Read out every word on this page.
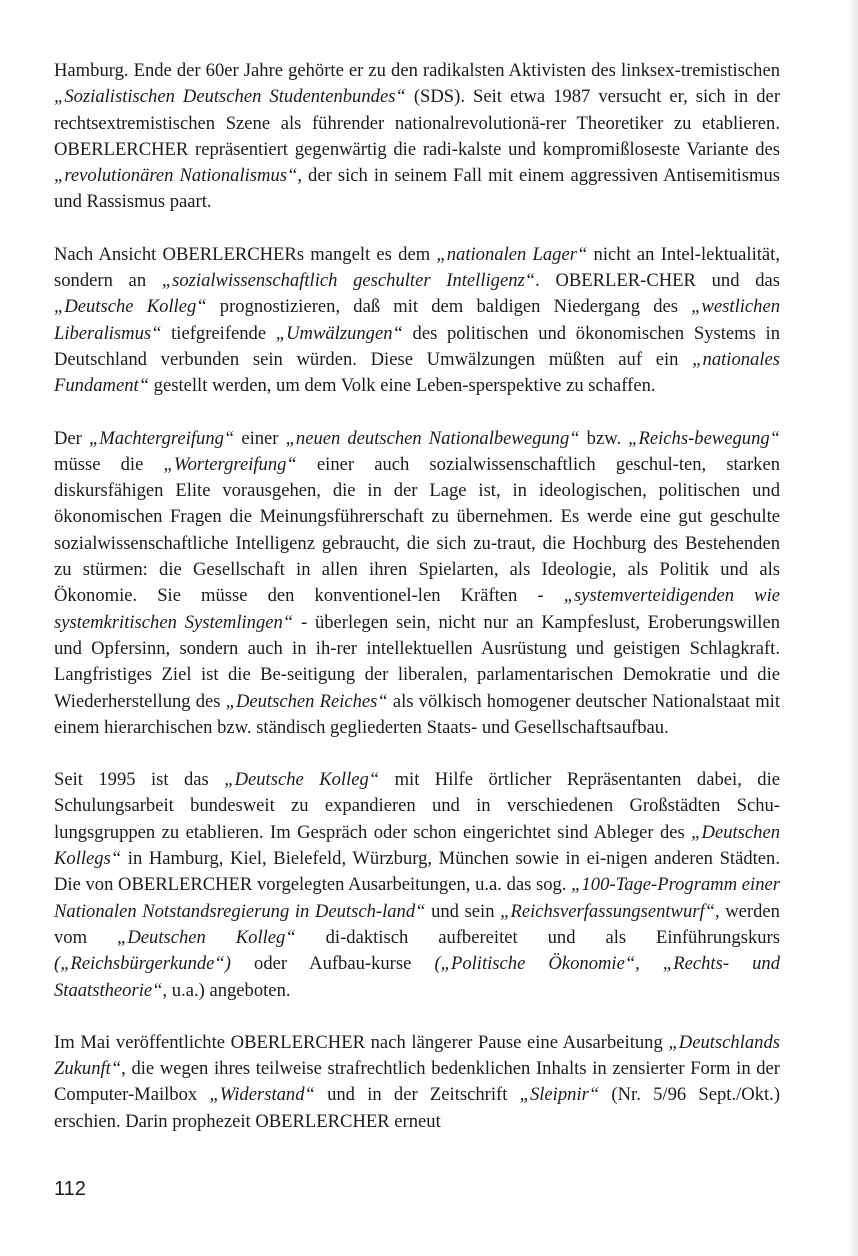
Hamburg. Ende der 60er Jahre gehörte er zu den radikalsten Aktivisten des linksex-tremistischen „Sozialistischen Deutschen Studentenbundes“ (SDS). Seit etwa 1987 versucht er, sich in der rechtsextremistischen Szene als führender nationalrevolutionä-rer Theoretiker zu etablieren. OBERLERCHER repräsentiert gegenwärtig die radi-kalste und kompromißloseste Variante des „revolutionären Nationalismus“, der sich in seinem Fall mit einem aggressiven Antisemitismus und Rassismus paart.

Nach Ansicht OBERLERCHERs mangelt es dem „nationalen Lager“ nicht an Intel-lektualität, sondern an „sozialwissenschaftlich geschulter Intelligenz“. OBERLER-CHER und das „Deutsche Kolleg“ prognostizieren, daß mit dem baldigen Niedergang des „westlichen Liberalismus“ tiefgreifende „Umwälzungen“ des politischen und ökonomischen Systems in Deutschland verbunden sein würden. Diese Umwälzungen müßten auf ein „nationales Fundament“ gestellt werden, um dem Volk eine Leben-sperspektive zu schaffen.

Der „Machtergreifung“ einer „neuen deutschen Nationalbewegung“ bzw. „Reichs-bewegung“ müsse die „Wortergreifung“ einer auch sozialwissenschaftlich geschul-ten, starken diskursfähigen Elite vorausgehen, die in der Lage ist, in ideologischen, politischen und ökonomischen Fragen die Meinungsführerschaft zu übernehmen. Es werde eine gut geschulte sozialwissenschaftliche Intelligenz gebraucht, die sich zu-traut, die Hochburg des Bestehenden zu stürmen: die Gesellschaft in allen ihren Spielarten, als Ideologie, als Politik und als Ökonomie. Sie müsse den konventionel-len Kräften - „systemverteidigenden wie systemkritischen Systemlingen“ - überlegen sein, nicht nur an Kampfeslust, Eroberungswillen und Opfersinn, sondern auch in ih-rer intellektuellen Ausrüstung und geistigen Schlagkraft. Langfristiges Ziel ist die Be-seitigung der liberalen, parlamentarischen Demokratie und die Wiederherstellung des „Deutschen Reiches“ als völkisch homogener deutscher Nationalstaat mit einem hierarchischen bzw. ständisch gegliederten Staats- und Gesellschaftsaufbau.

Seit 1995 ist das „Deutsche Kolleg“ mit Hilfe örtlicher Repräsentanten dabei, die Schulungsarbeit bundesweit zu expandieren und in verschiedenen Großstädten Schu-lungsgruppen zu etablieren. Im Gespräch oder schon eingerichtet sind Ableger des „Deutschen Kollegs“ in Hamburg, Kiel, Bielefeld, Würzburg, München sowie in ei-nigen anderen Städten. Die von OBERLERCHER vorgelegten Ausarbeitungen, u.a. das sog. „100-Tage-Programm einer Nationalen Notstandsregierung in Deutsch-land“ und sein „Reichsverfassungsentwurf“, werden vom „Deutschen Kolleg“ di-daktisch aufbereitet und als Einführungskurs („Reichsbürgerkunde“) oder Aufbau-kurse („Politische Ökonomie“, „Rechts- und Staatstheorie“, u.a.) angeboten.

Im Mai veröffentlichte OBERLERCHER nach längerer Pause eine Ausarbeitung „Deutschlands Zukunft“, die wegen ihres teilweise strafrechtlich bedenklichen Inhalts in zensierter Form in der Computer-Mailbox „Widerstand“ und in der Zeitschrift „Sleipnir“ (Nr. 5/96 Sept./Okt.) erschien. Darin prophezeit OBERLERCHER erneut

112
